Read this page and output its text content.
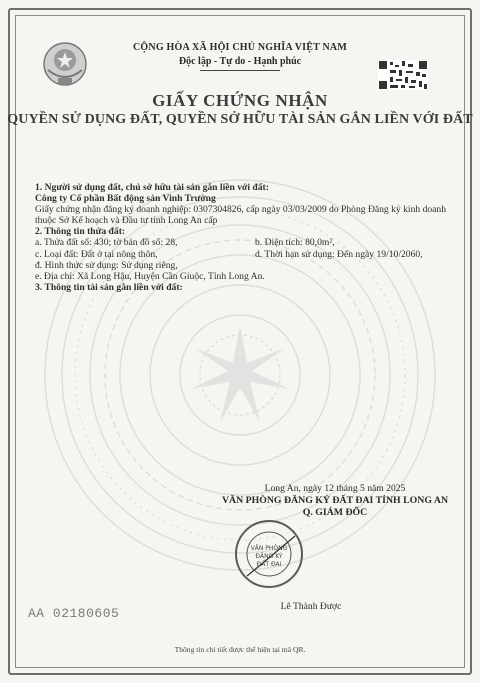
CỘNG HÒA XÃ HỘI CHỦ NGHĨA VIỆT NAM
Độc lập - Tự do - Hạnh phúc
GIẤY CHỨNG NHẬN
QUYỀN SỬ DỤNG ĐẤT, QUYỀN SỞ HỮU TÀI SẢN GẮN LIỀN VỚI ĐẤT
1. Người sử dụng đất, chủ sở hữu tài sản gắn liền với đất:
Công ty Cổ phần Bất động sản Vinh Trường
Giấy chứng nhận đăng ký doanh nghiệp: 0307304826, cấp ngày 03/03/2009 do Phòng Đăng ký kinh doanh thuộc Sở Kế hoạch và Đầu tư tỉnh Long An cấp
2. Thông tin thửa đất:
a. Thửa đất số: 430; tờ bản đồ số: 28,	b. Diện tích: 80,0m²,
c. Loại đất: Đất ở tại nông thôn,	d. Thời hạn sử dụng: Đến ngày 19/10/2060,
đ. Hình thức sử dụng: Sử dụng riêng,
e. Địa chỉ: Xã Long Hậu, Huyện Cần Giuộc, Tỉnh Long An.
3. Thông tin tài sản gắn liền với đất:
Long An, ngày 12 tháng 5 năm 2025
VĂN PHÒNG ĐĂNG KÝ ĐẤT ĐAI TỈNH LONG AN
Q. GIÁM ĐỐC
VĂN PHÒNG
ĐĂNG KÝ
ĐẤT ĐAI
Lê Thành Được
AA 02180605
Thông tin chi tiết được thể hiện tại mã QR.
